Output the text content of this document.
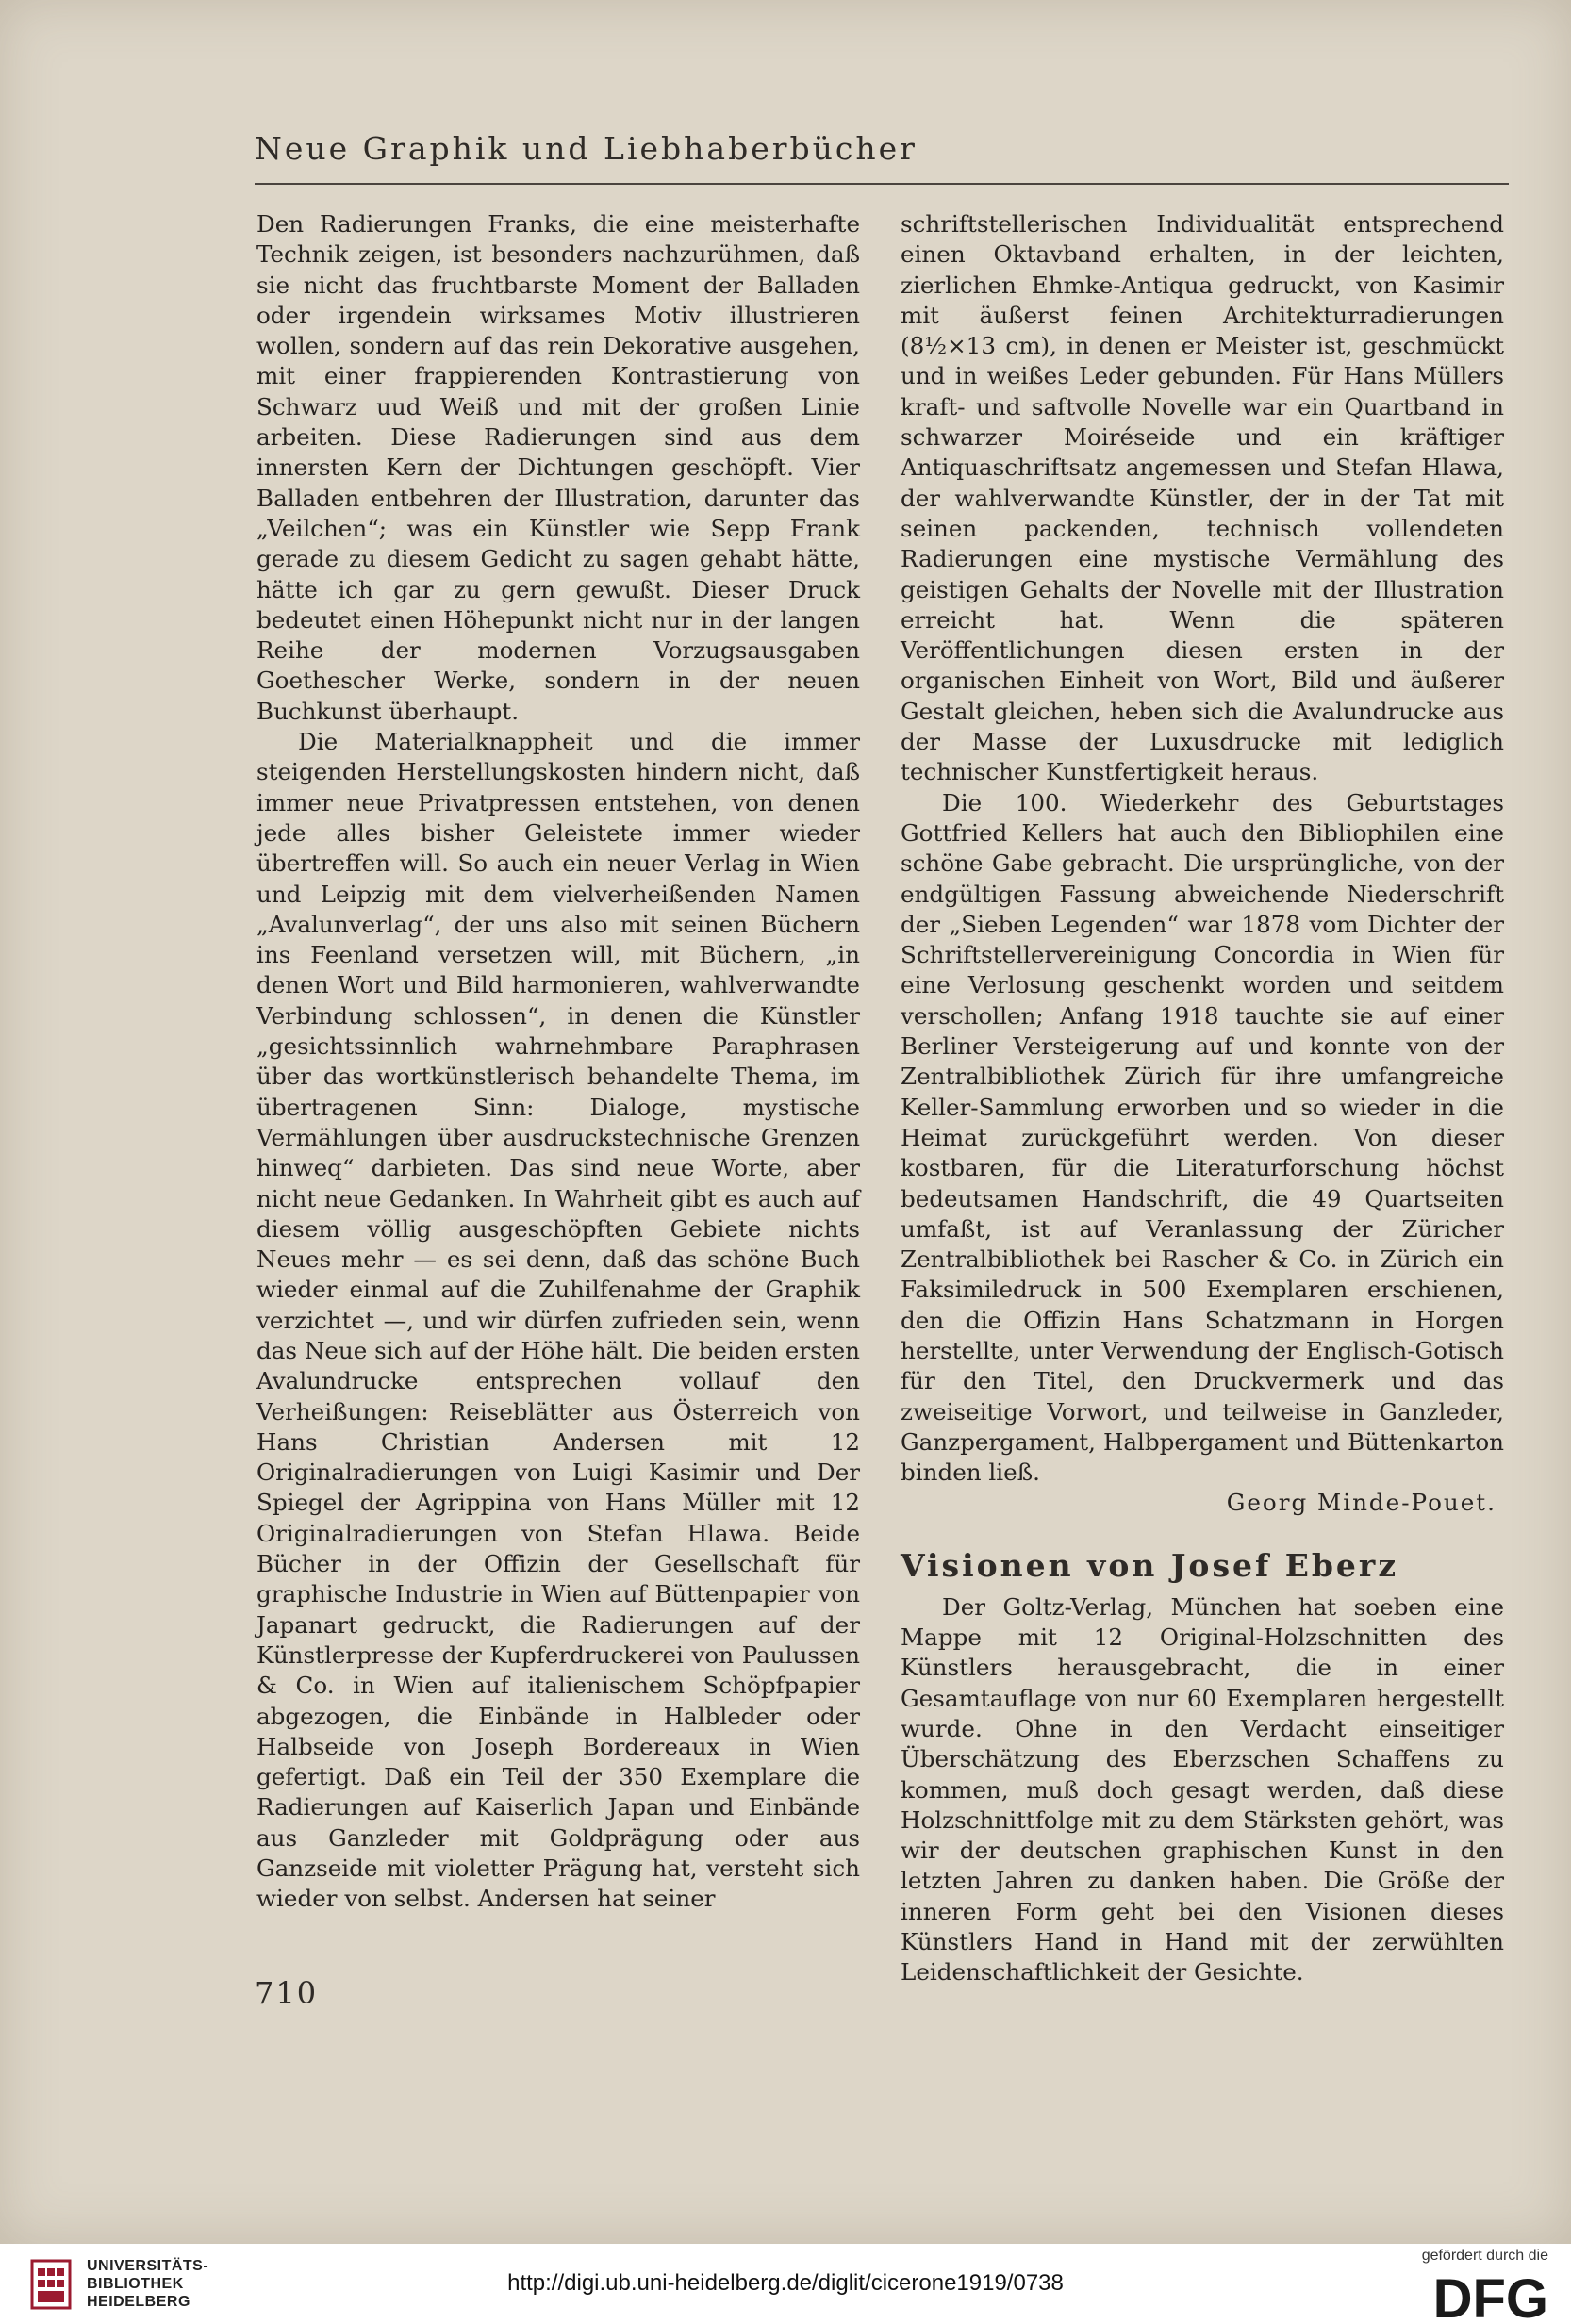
Neue Graphik und Liebhaberbücher

Den Radierungen Franks, die eine meisterhafte Technik zeigen, ist besonders nachzurühmen, daß sie nicht das fruchtbarste Moment der Balladen oder irgendein wirksames Motiv illustrieren wollen, sondern auf das rein Dekorative ausgehen, mit einer frappierenden Kontrastierung von Schwarz uud Weiß und mit der großen Linie arbeiten. Diese Radierungen sind aus dem innersten Kern der Dichtungen geschöpft. Vier Balladen entbehren der Illustration, darunter das „Veilchen“; was ein Künstler wie Sepp Frank gerade zu diesem Gedicht zu sagen gehabt hätte, hätte ich gar zu gern gewußt. Dieser Druck bedeutet einen Höhepunkt nicht nur in der langen Reihe der modernen Vorzugsausgaben Goethescher Werke, sondern in der neuen Buchkunst überhaupt.

Die Materialknappheit und die immer steigenden Herstellungskosten hindern nicht, daß immer neue Privatpressen entstehen, von denen jede alles bisher Geleistete immer wieder übertreffen will. So auch ein neuer Verlag in Wien und Leipzig mit dem vielverheißenden Namen „Avalunverlag“, der uns also mit seinen Büchern ins Feenland versetzen will, mit Büchern, „in denen Wort und Bild harmonieren, wahlverwandte Verbindung schlossen“, in denen die Künstler „gesichtssinnlich wahrnehmbare Paraphrasen über das wortkünstlerisch behandelte Thema, im übertragenen Sinn: Dialoge, mystische Vermählungen über ausdruckstechnische Grenzen hinweq“ darbieten. Das sind neue Worte, aber nicht neue Gedanken. In Wahrheit gibt es auch auf diesem völlig ausgeschöpften Gebiete nichts Neues mehr — es sei denn, daß das schöne Buch wieder einmal auf die Zuhilfenahme der Graphik verzichtet —, und wir dürfen zufrieden sein, wenn das Neue sich auf der Höhe hält. Die beiden ersten Avalundrucke entsprechen vollauf den Verheißungen: Reiseblätter aus Österreich von Hans Christian Andersen mit 12 Originalradierungen von Luigi Kasimir und Der Spiegel der Agrippina von Hans Müller mit 12 Originalradierungen von Stefan Hlawa. Beide Bücher in der Offizin der Gesellschaft für graphische Industrie in Wien auf Büttenpapier von Japanart gedruckt, die Radierungen auf der Künstlerpresse der Kupferdruckerei von Paulussen & Co. in Wien auf italienischem Schöpfpapier abgezogen, die Einbände in Halbleder oder Halbseide von Joseph Bordereaux in Wien gefertigt. Daß ein Teil der 350 Exemplare die Radierungen auf Kaiserlich Japan und Einbände aus Ganzleder mit Goldprägung oder aus Ganzseide mit violetter Prägung hat, versteht sich wieder von selbst. Andersen hat seiner

schriftstellerischen Individualität entsprechend einen Oktavband erhalten, in der leichten, zierlichen Ehmke-Antiqua gedruckt, von Kasimir mit äußerst feinen Architekturradierungen (8½×13 cm), in denen er Meister ist, geschmückt und in weißes Leder gebunden. Für Hans Müllers kraft- und saftvolle Novelle war ein Quartband in schwarzer Moiréseide und ein kräftiger Antiquaschriftsatz angemessen und Stefan Hlawa, der wahlverwandte Künstler, der in der Tat mit seinen packenden, technisch vollendeten Radierungen eine mystische Vermählung des geistigen Gehalts der Novelle mit der Illustration erreicht hat. Wenn die späteren Veröffentlichungen diesen ersten in der organischen Einheit von Wort, Bild und äußerer Gestalt gleichen, heben sich die Avalundrucke aus der Masse der Luxusdrucke mit lediglich technischer Kunstfertigkeit heraus.

Die 100. Wiederkehr des Geburtstages Gottfried Kellers hat auch den Bibliophilen eine schöne Gabe gebracht. Die ursprüngliche, von der endgültigen Fassung abweichende Niederschrift der „Sieben Legenden“ war 1878 vom Dichter der Schriftstellervereinigung Concordia in Wien für eine Verlosung geschenkt worden und seitdem verschollen; Anfang 1918 tauchte sie auf einer Berliner Versteigerung auf und konnte von der Zentralbibliothek Zürich für ihre umfangreiche Keller-Sammlung erworben und so wieder in die Heimat zurückgeführt werden. Von dieser kostbaren, für die Literaturforschung höchst bedeutsamen Handschrift, die 49 Quartseiten umfaßt, ist auf Veranlassung der Züricher Zentralbibliothek bei Rascher & Co. in Zürich ein Faksimiledruck in 500 Exemplaren erschienen, den die Offizin Hans Schatzmann in Horgen herstellte, unter Verwendung der Englisch-Gotisch für den Titel, den Druckvermerk und das zweiseitige Vorwort, und teilweise in Ganzleder, Ganzpergament, Halbpergament und Büttenkarton binden ließ.

Georg Minde-Pouet.

Visionen von Josef Eberz

Der Goltz-Verlag, München hat soeben eine Mappe mit 12 Original-Holzschnitten des Künstlers herausgebracht, die in einer Gesamtauflage von nur 60 Exemplaren hergestellt wurde. Ohne in den Verdacht einseitiger Überschätzung des Eberzschen Schaffens zu kommen, muß doch gesagt werden, daß diese Holzschnittfolge mit zu dem Stärksten gehört, was wir der deutschen graphischen Kunst in den letzten Jahren zu danken haben. Die Größe der inneren Form geht bei den Visionen dieses Künstlers Hand in Hand mit der zerwühlten Leidenschaftlichkeit der Gesichte.

710
UNIVERSITÄTS-
BIBLIOTHEK
HEIDELBERG
http://digi.ub.uni-heidelberg.de/diglit/cicerone1919/0738
gefördert durch die
DFG
